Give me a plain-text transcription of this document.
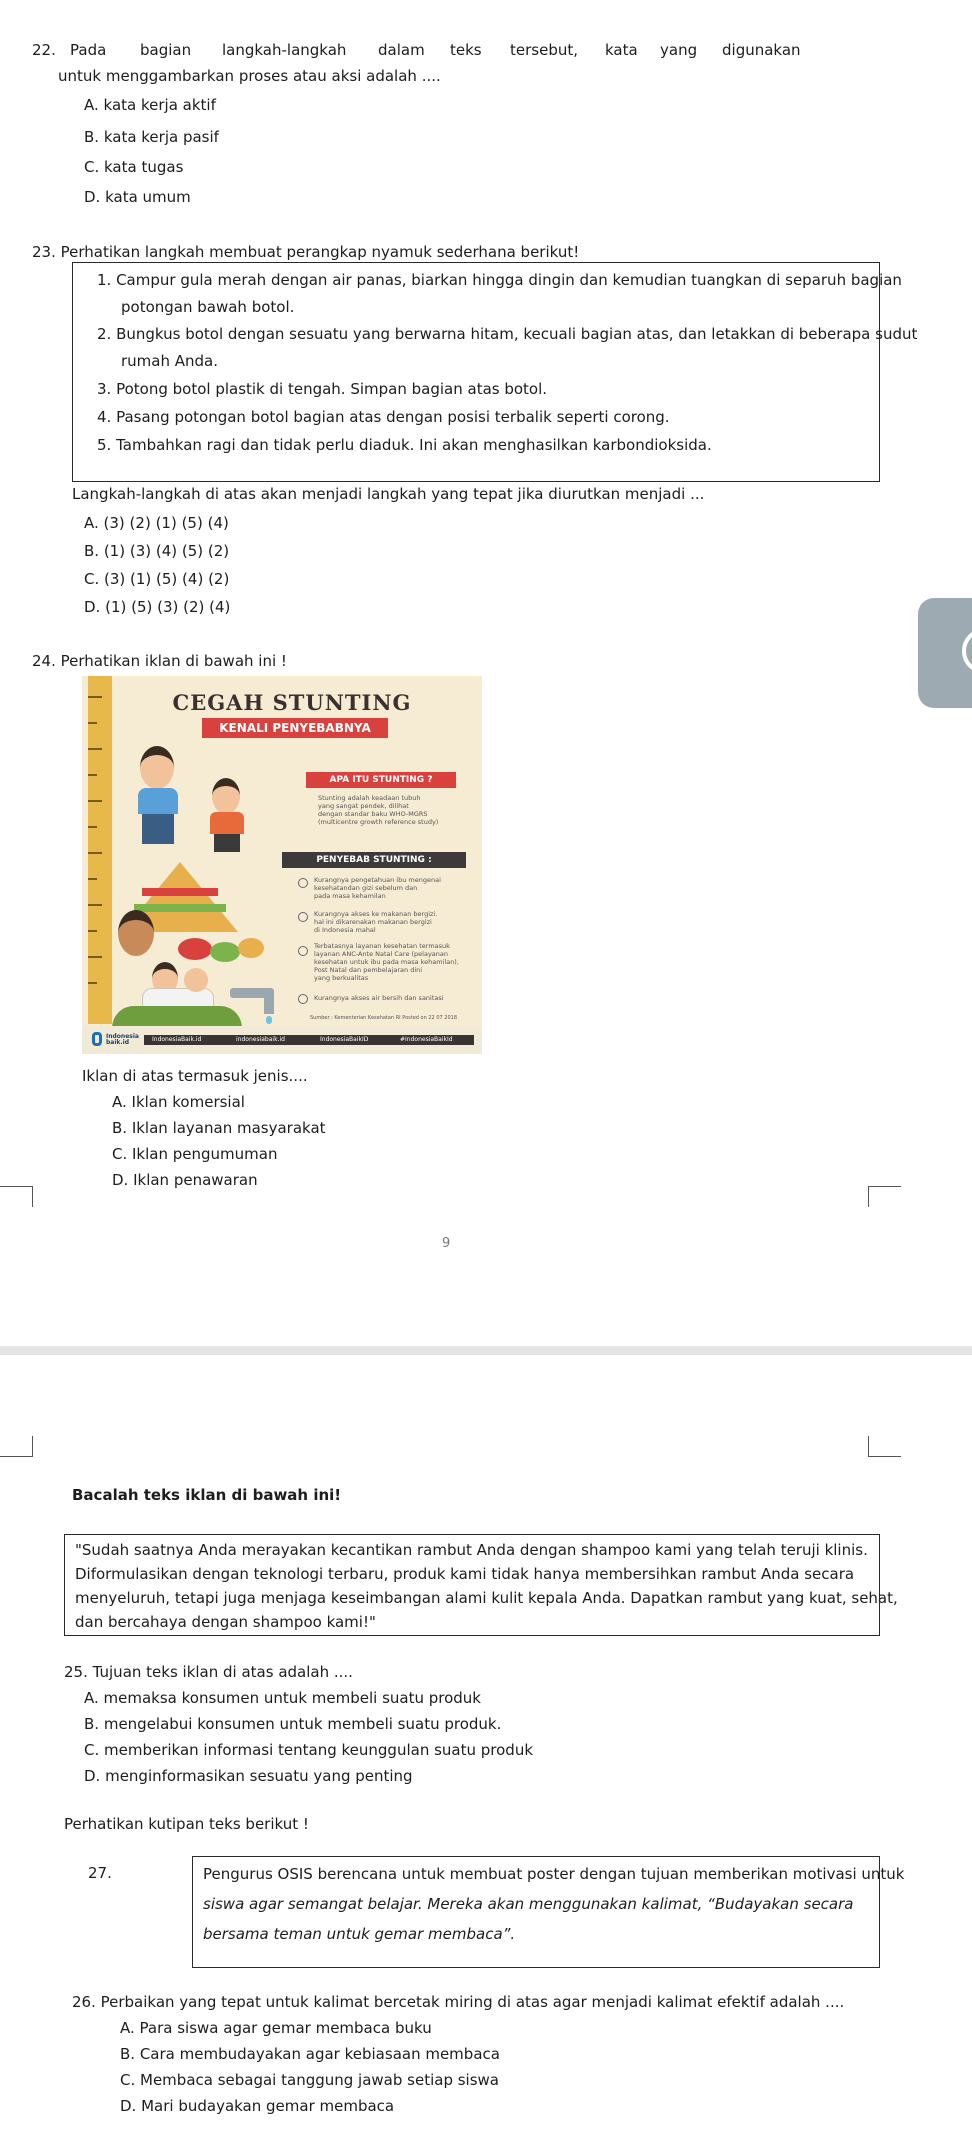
22. Pada bagian langkah-langkah dalam teks tersebut, kata yang digunakan
untuk menggambarkan proses atau aksi adalah ....
A. kata kerja aktif
B. kata kerja pasif
C. kata tugas
D. kata umum
23. Perhatikan langkah membuat perangkap nyamuk sederhana berikut!
1. Campur gula merah dengan air panas, biarkan hingga dingin dan kemudian tuangkan di separuh bagian
potongan bawah botol.
2. Bungkus botol dengan sesuatu yang berwarna hitam, kecuali bagian atas, dan letakkan di beberapa sudut
rumah Anda.
3. Potong botol plastik di tengah. Simpan bagian atas botol.
4. Pasang potongan botol bagian atas dengan posisi terbalik seperti corong.
5. Tambahkan ragi dan tidak perlu diaduk. Ini akan menghasilkan karbondioksida.
Langkah-langkah di atas akan menjadi langkah yang tepat jika diurutkan menjadi ...
A. (3) (2) (1) (5) (4)
B. (1) (3) (4) (5) (2)
C. (3) (1) (5) (4) (2)
D. (1) (5) (3) (2) (4)
24. Perhatikan iklan di bawah ini !
CEGAH STUNTING
KENALI PENYEBABNYA
APA ITU STUNTING ?
Stunting adalah keadaan tubuh
yang sangat pendek, dilihat
dengan standar baku WHO-MGRS
(multicentre growth reference study)
PENYEBAB STUNTING :
Kurangnya pengetahuan ibu mengenai
kesehatandan gizi sebelum dan
pada masa kehamilan
Kurangnya akses ke makanan bergizi.
hal ini dikarenakan makanan bergizi
di Indonesia mahal
Terbatasnya layanan kesehatan termasuk
layanan ANC-Ante Natal Care (pelayanan
kesehatan untuk ibu pada masa kehamilan),
Post Natal dan pembelajaran dini
yang berkualitas
Kurangnya akses air bersih dan sanitasi
Sumber : Kementerian Kesehatan RI Posted on 22 07 2018
Indonesia baik.id	IndonesiaBaik.id	indonesiabaik.id	IndonesiaBaikID	#IndonesiaBaikId
Iklan di atas termasuk jenis....
A. Iklan komersial
B. Iklan layanan masyarakat
C. Iklan pengumuman
D. Iklan penawaran
9
Bacalah teks iklan di bawah ini!
"Sudah saatnya Anda merayakan kecantikan rambut Anda dengan shampoo kami yang telah teruji klinis.
Diformulasikan dengan teknologi terbaru, produk kami tidak hanya membersihkan rambut Anda secara
menyeluruh, tetapi juga menjaga keseimbangan alami kulit kepala Anda. Dapatkan rambut yang kuat, sehat,
dan bercahaya dengan shampoo kami!"
25. Tujuan teks iklan di atas adalah ....
A. memaksa konsumen untuk membeli suatu produk
B. mengelabui konsumen untuk membeli suatu produk.
C. memberikan informasi tentang keunggulan suatu produk
D. menginformasikan sesuatu yang penting
Perhatikan kutipan teks berikut !
27.	Pengurus OSIS berencana untuk membuat poster dengan tujuan memberikan motivasi untuk
siswa agar semangat belajar. Mereka akan menggunakan kalimat, “Budayakan secara
bersama teman untuk gemar membaca”.
26. Perbaikan yang tepat untuk kalimat bercetak miring di atas agar menjadi kalimat efektif adalah ....
A. Para siswa agar gemar membaca buku
B. Cara membudayakan agar kebiasaan membaca
C. Membaca sebagai tanggung jawab setiap siswa
D. Mari budayakan gemar membaca
